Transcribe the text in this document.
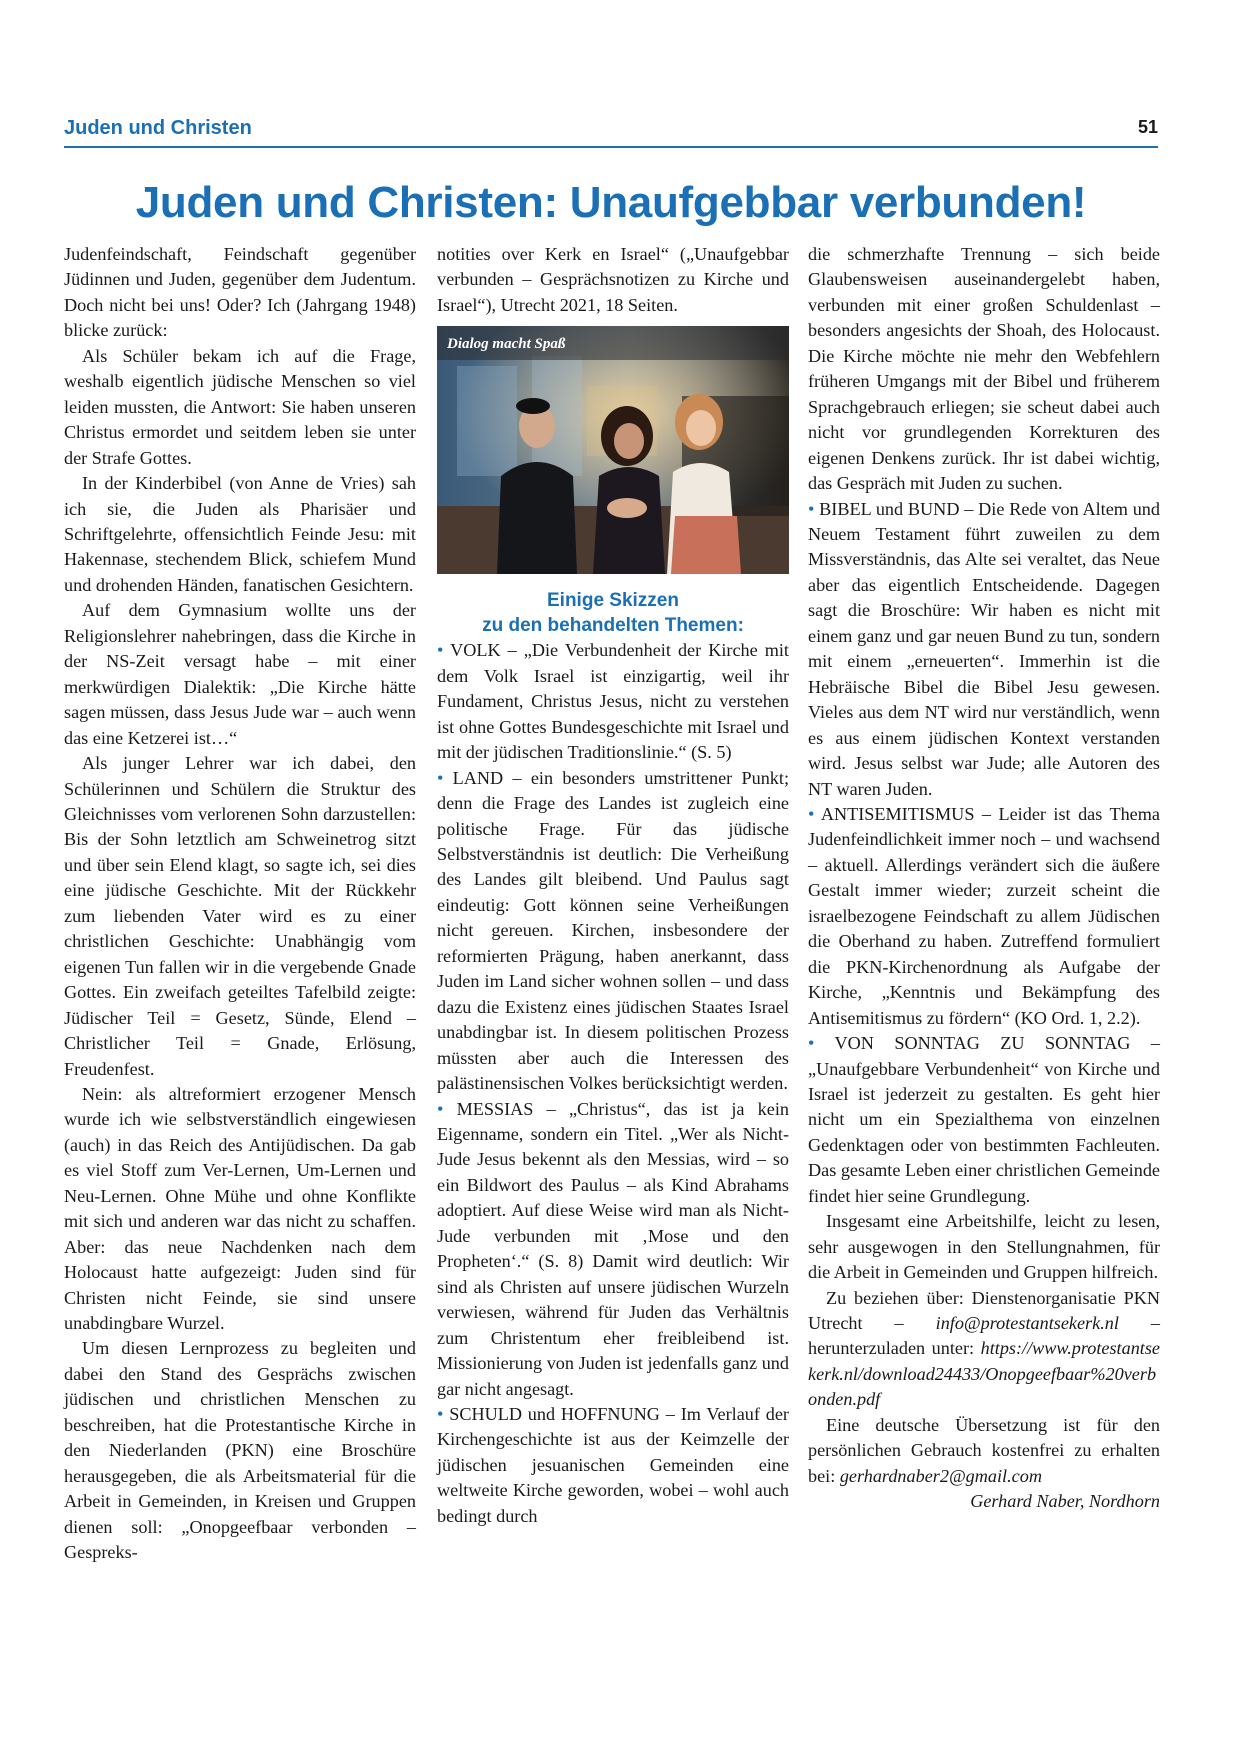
Juden und Christen	51
Juden und Christen: Unaufgebbar verbunden!

Judenfeindschaft, Feindschaft gegenüber Jüdinnen und Juden, gegenüber dem Judentum. Doch nicht bei uns! Oder? Ich (Jahrgang 1948) blicke zurück:

Als Schüler bekam ich auf die Frage, weshalb eigentlich jüdische Menschen so viel leiden mussten, die Antwort: Sie haben unseren Christus ermordet und seitdem leben sie unter der Strafe Gottes.

In der Kinderbibel (von Anne de Vries) sah ich sie, die Juden als Pharisäer und Schriftgelehrte, offensichtlich Feinde Jesu: mit Hakennase, stechendem Blick, schiefem Mund und drohenden Händen, fanatischen Gesichtern.

Auf dem Gymnasium wollte uns der Religionslehrer nahebringen, dass die Kirche in der NS-Zeit versagt habe – mit einer merkwürdigen Dialektik: „Die Kirche hätte sagen müssen, dass Jesus Jude war – auch wenn das eine Ketzerei ist…“

Als junger Lehrer war ich dabei, den Schülerinnen und Schülern die Struktur des Gleichnisses vom verlorenen Sohn darzustellen: Bis der Sohn letztlich am Schweinetrog sitzt und über sein Elend klagt, so sagte ich, sei dies eine jüdische Geschichte. Mit der Rückkehr zum liebenden Vater wird es zu einer christlichen Geschichte: Unabhängig vom eigenen Tun fallen wir in die vergebende Gnade Gottes. Ein zweifach geteiltes Tafelbild zeigte: Jüdischer Teil = Gesetz, Sünde, Elend – Christlicher Teil = Gnade, Erlösung, Freudenfest.

Nein: als altreformiert erzogener Mensch wurde ich wie selbstverständlich eingewiesen (auch) in das Reich des Antijüdischen. Da gab es viel Stoff zum Ver-Lernen, Um-Lernen und Neu-Lernen. Ohne Mühe und ohne Konflikte mit sich und anderen war das nicht zu schaffen. Aber: das neue Nachdenken nach dem Holocaust hatte aufgezeigt: Juden sind für Christen nicht Feinde, sie sind unsere unabdingbare Wurzel.

Um diesen Lernprozess zu begleiten und dabei den Stand des Gesprächs zwischen jüdischen und christlichen Menschen zu beschreiben, hat die Protestantische Kirche in den Niederlanden (PKN) eine Broschüre herausgegeben, die als Arbeitsmaterial für die Arbeit in Gemeinden, in Kreisen und Gruppen dienen soll: „Onopgeefbaar verbonden – Gespreks-

notities over Kerk en Israel“ („Unaufgebbar verbunden – Gesprächsnotizen zu Kirche und Israel“), Utrecht 2021, 18 Seiten.

Dialog macht Spaß

Einige Skizzen
zu den behandelten Themen:

• VOLK – „Die Verbundenheit der Kirche mit dem Volk Israel ist einzigartig, weil ihr Fundament, Christus Jesus, nicht zu verstehen ist ohne Gottes Bundesgeschichte mit Israel und mit der jüdischen Traditionslinie.“ (S. 5)

• LAND – ein besonders umstrittener Punkt; denn die Frage des Landes ist zugleich eine politische Frage. Für das jüdische Selbstverständnis ist deutlich: Die Verheißung des Landes gilt bleibend. Und Paulus sagt eindeutig: Gott können seine Verheißungen nicht gereuen. Kirchen, insbesondere der reformierten Prägung, haben anerkannt, dass Juden im Land sicher wohnen sollen – und dass dazu die Existenz eines jüdischen Staates Israel unabdingbar ist. In diesem politischen Prozess müssten aber auch die Interessen des palästinensischen Volkes berücksichtigt werden.

• MESSIAS – „Christus“, das ist ja kein Eigenname, sondern ein Titel. „Wer als Nicht-Jude Jesus bekennt als den Messias, wird – so ein Bildwort des Paulus – als Kind Abrahams adoptiert. Auf diese Weise wird man als Nicht-Jude verbunden mit ‚Mose und den Propheten‘.“ (S. 8) Damit wird deutlich: Wir sind als Christen auf unsere jüdischen Wurzeln verwiesen, während für Juden das Verhältnis zum Christentum eher freibleibend ist. Missionierung von Juden ist jedenfalls ganz und gar nicht angesagt.

• SCHULD und HOFFNUNG – Im Verlauf der Kirchengeschichte ist aus der Keimzelle der jüdischen jesuanischen Gemeinden eine weltweite Kirche geworden, wobei – wohl auch bedingt durch

die schmerzhafte Trennung – sich beide Glaubensweisen auseinandergelebt haben, verbunden mit einer großen Schuldenlast – besonders angesichts der Shoah, des Holocaust. Die Kirche möchte nie mehr den Webfehlern früheren Umgangs mit der Bibel und früherem Sprachgebrauch erliegen; sie scheut dabei auch nicht vor grundlegenden Korrekturen des eigenen Denkens zurück. Ihr ist dabei wichtig, das Gespräch mit Juden zu suchen.

• BIBEL und BUND – Die Rede von Altem und Neuem Testament führt zuweilen zu dem Missverständnis, das Alte sei veraltet, das Neue aber das eigentlich Entscheidende. Dagegen sagt die Broschüre: Wir haben es nicht mit einem ganz und gar neuen Bund zu tun, sondern mit einem „erneuerten“. Immerhin ist die Hebräische Bibel die Bibel Jesu gewesen. Vieles aus dem NT wird nur verständlich, wenn es aus einem jüdischen Kontext verstanden wird. Jesus selbst war Jude; alle Autoren des NT waren Juden.

• ANTISEMITISMUS – Leider ist das Thema Judenfeindlichkeit immer noch – und wachsend – aktuell. Allerdings verändert sich die äußere Gestalt immer wieder; zurzeit scheint die israelbezogene Feindschaft zu allem Jüdischen die Oberhand zu haben. Zutreffend formuliert die PKN-Kirchenordnung als Aufgabe der Kirche, „Kenntnis und Bekämpfung des Antisemitismus zu fördern“ (KO Ord. 1, 2.2).

• VON SONNTAG ZU SONNTAG – „Unaufgebbare Verbundenheit“ von Kirche und Israel ist jederzeit zu gestalten. Es geht hier nicht um ein Spezialthema von einzelnen Gedenktagen oder von bestimmten Fachleuten. Das gesamte Leben einer christlichen Gemeinde findet hier seine Grundlegung.

Insgesamt eine Arbeitshilfe, leicht zu lesen, sehr ausgewogen in den Stellungnahmen, für die Arbeit in Gemeinden und Gruppen hilfreich.

Zu beziehen über: Dienstenorganisatie PKN Utrecht – info@protestantsekerk.nl – herunterzuladen unter: https://www.protestantsekerk.nl/download24433/Onopgeefbaar%20verbonden.pdf

Eine deutsche Übersetzung ist für den persönlichen Gebrauch kostenfrei zu erhalten bei: gerhardnaber2@gmail.com

Gerhard Naber, Nordhorn
